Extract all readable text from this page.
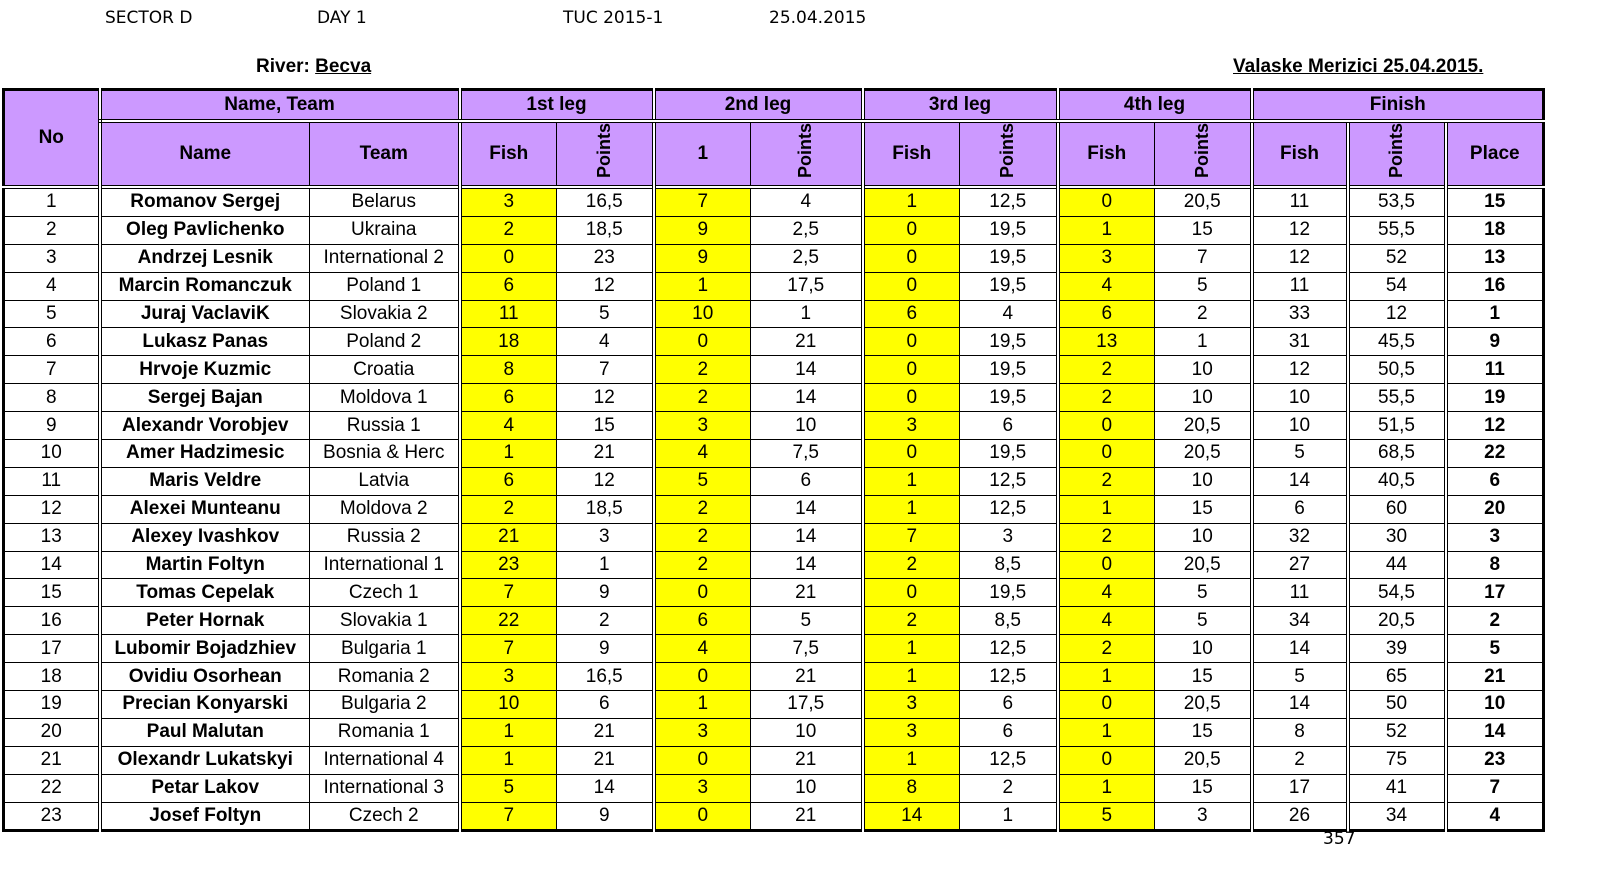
SECTOR D	DAY 1	TUC 2015-1	25.04.2015
River: Becva	Valaske Merizici 25.04.2015.
No	Name, Team		1st leg		2nd leg		3rd leg		4th leg		Finish		
	Name	Team	Fish	Points	1	Points	Fish	Points	Fish	Points	Fish	Points	Place
1	Romanov Sergej	Belarus	3	16,5	7	4	1	12,5	0	20,5	11	53,5	15
2	Oleg Pavlichenko	Ukraina	2	18,5	9	2,5	0	19,5	1	15	12	55,5	18
3	Andrzej Lesnik	International 2	0	23	9	2,5	0	19,5	3	7	12	52	13
4	Marcin Romanczuk	Poland 1	6	12	1	17,5	0	19,5	4	5	11	54	16
5	Juraj VaclaviK	Slovakia 2	11	5	10	1	6	4	6	2	33	12	1
6	Lukasz Panas	Poland 2	18	4	0	21	0	19,5	13	1	31	45,5	9
7	Hrvoje Kuzmic	Croatia	8	7	2	14	0	19,5	2	10	12	50,5	11
8	Sergej Bajan	Moldova 1	6	12	2	14	0	19,5	2	10	10	55,5	19
9	Alexandr Vorobjev	Russia 1	4	15	3	10	3	6	0	20,5	10	51,5	12
10	Amer Hadzimesic	Bosnia & Herc	1	21	4	7,5	0	19,5	0	20,5	5	68,5	22
11	Maris Veldre	Latvia	6	12	5	6	1	12,5	2	10	14	40,5	6
12	Alexei Munteanu	Moldova 2	2	18,5	2	14	1	12,5	1	15	6	60	20
13	Alexey Ivashkov	Russia 2	21	3	2	14	7	3	2	10	32	30	3
14	Martin Foltyn	International 1	23	1	2	14	2	8,5	0	20,5	27	44	8
15	Tomas Cepelak	Czech 1	7	9	0	21	0	19,5	4	5	11	54,5	17
16	Peter Hornak	Slovakia 1	22	2	6	5	2	8,5	4	5	34	20,5	2
17	Lubomir Bojadzhiev	Bulgaria 1	7	9	4	7,5	1	12,5	2	10	14	39	5
18	Ovidiu Osorhean	Romania 2	3	16,5	0	21	1	12,5	1	15	5	65	21
19	Precian Konyarski	Bulgaria 2	10	6	1	17,5	3	6	0	20,5	14	50	10
20	Paul Malutan	Romania 1	1	21	3	10	3	6	1	15	8	52	14
21	Olexandr Lukatskyi	International 4	1	21	0	21	1	12,5	0	20,5	2	75	23
22	Petar Lakov	International 3	5	14	3	10	8	2	1	15	17	41	7
23	Josef Foltyn	Czech 2	7	9	0	21	14	1	5	3	26	34	4
357
